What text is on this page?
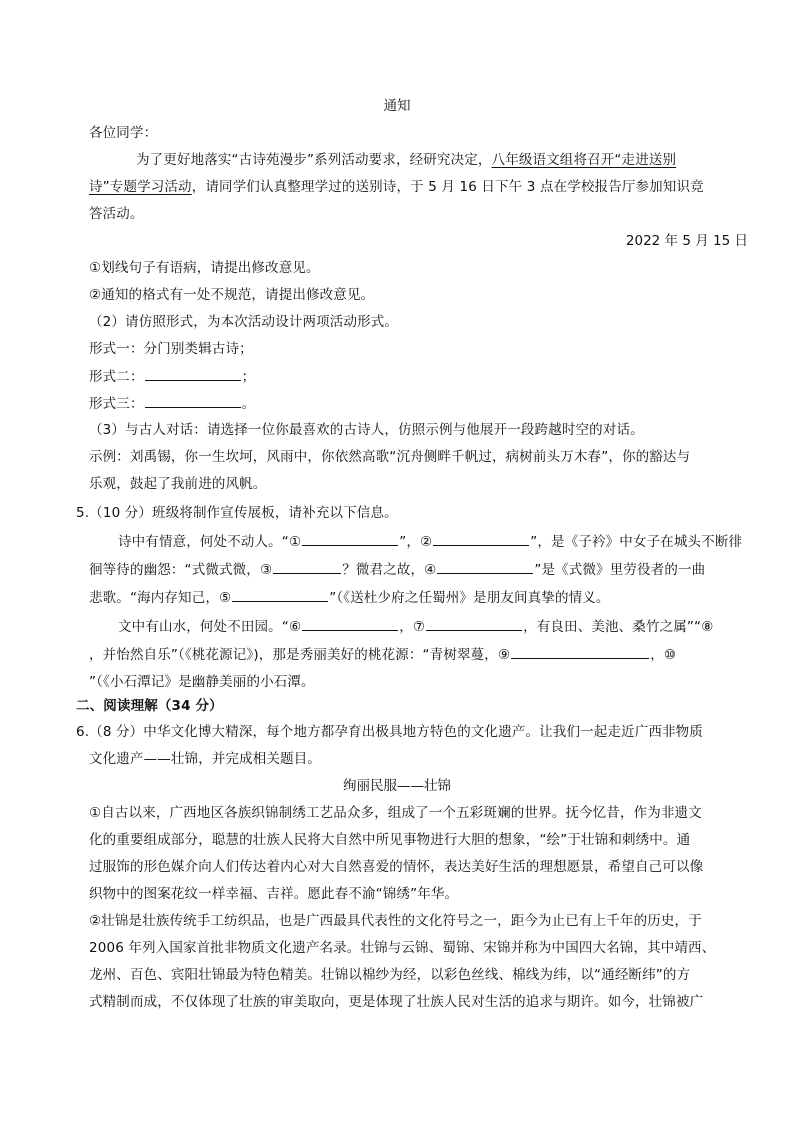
通知
各位同学：
为了更好地落实“古诗苑漫步”系列活动要求，经研究决定，八年级语文组将召开“走进送别
诗”专题学习活动，请同学们认真整理学过的送别诗，于 5 月 16 日下午 3 点在学校报告厅参加知识竞
答活动。
2022 年 5 月 15 日
①划线句子有语病，请提出修改意见。
②通知的格式有一处不规范，请提出修改意见。
（2）请仿照形式，为本次活动设计两项活动形式。
形式一：分门别类辑古诗；
形式二：	；
形式三：	。
（3）与古人对话：请选择一位你最喜欢的古诗人，仿照示例与他展开一段跨越时空的对话。
示例：刘禹锡，你一生坎坷，风雨中，你依然高歌“沉舟侧畔千帆过，病树前头万木春”，你的豁达与
乐观，鼓起了我前进的风帆。
5.（10 分）班级将制作宣传展板，请补充以下信息。
诗中有情意，何处不动人。“①	”，②	”，是《子衿》中女子在城头不断徘
徊等待的幽怨：“式微式微，③	？微君之故，④	”是《式微》里劳役者的一曲
悲歌。“海内存知己，⑤	”（《送杜少府之任蜀州》是朋友间真挚的情义。
文中有山水，何处不田园。“⑥	，⑦	，有良田、美池、桑竹之属”“⑧
，并怡然自乐”（《桃花源记》)，那是秀丽美好的桃花源：“青树翠蔓，⑨	，⑩
”（《小石潭记》是幽静美丽的小石潭。
二、阅读理解（34 分）
6.（8 分）中华文化博大精深，每个地方都孕育出极具地方特色的文化遗产。让我们一起走近广西非物质
文化遗产——壮锦，并完成相关题目。
绚丽民服——壮锦
①自古以来，广西地区各族织锦制绣工艺品众多，组成了一个五彩斑斓的世界。抚今忆昔，作为非遗文
化的重要组成部分，聪慧的壮族人民将大自然中所见事物进行大胆的想象，“绘”于壮锦和刺绣中。通
过服饰的形色媒介向人们传达着内心对大自然喜爱的情怀，表达美好生活的理想愿景，希望自己可以像
织物中的图案花纹一样幸福、吉祥。愿此春不渝“锦绣”年华。
②壮锦是壮族传统手工纺织品，也是广西最具代表性的文化符号之一，距今为止已有上千年的历史，于
2006 年列入国家首批非物质文化遗产名录。壮锦与云锦、蜀锦、宋锦并称为中国四大名锦，其中靖西、
龙州、百色、宾阳壮锦最为特色精美。壮锦以棉纱为经，以彩色丝线、棉线为纬，以“通经断纬”的方
式精制而成，不仅体现了壮族的审美取向，更是体现了壮族人民对生活的追求与期许。如今，壮锦被广
